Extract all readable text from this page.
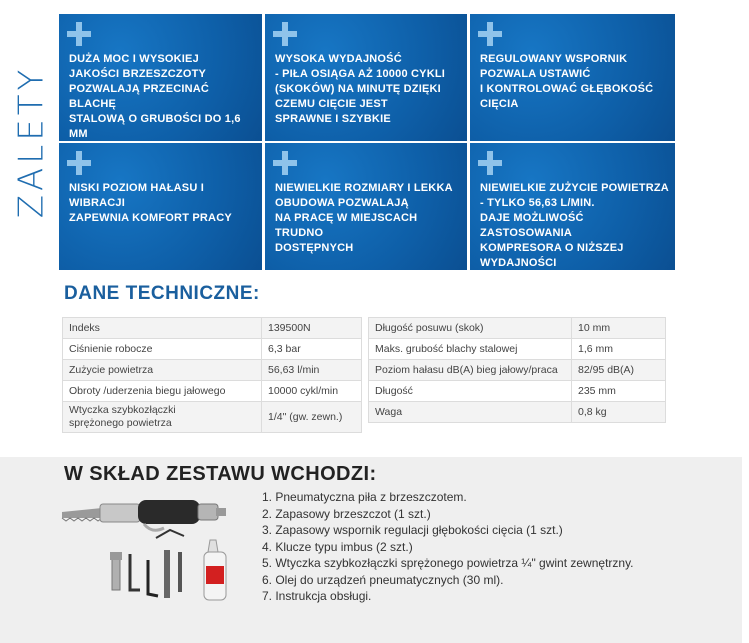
ZALETY
DUŻA MOC I WYSOKIEJ
JAKOŚCI BRZESZCZOTY
POZWALAJĄ PRZECINAĆ BLACHĘ
STALOWĄ O GRUBOŚCI DO 1,6 MM
WYSOKA WYDAJNOŚĆ
- PIŁA OSIĄGA AŻ 10000 CYKLI
(SKOKÓW) NA MINUTĘ DZIĘKI
CZEMU CIĘCIE JEST
SPRAWNE I SZYBKIE
REGULOWANY WSPORNIK
POZWALA USTAWIĆ
I KONTROLOWAĆ GŁĘBOKOŚĆ
CIĘCIA
NISKI POZIOM HAŁASU I WIBRACJI
ZAPEWNIA KOMFORT PRACY
NIEWIELKIE ROZMIARY I LEKKA
OBUDOWA POZWALAJĄ
NA PRACĘ W MIEJSCACH TRUDNO
DOSTĘPNYCH
NIEWIELKIE ZUŻYCIE POWIETRZA
- TYLKO 56,63 L/MIN.
DAJE MOŻLIWOŚĆ ZASTOSOWANIA
KOMPRESORA O NIŻSZEJ
WYDAJNOŚCI
DANE TECHNICZNE:
Indeks	139500N
Ciśnienie robocze	6,3 bar
Zużycie powietrza	56,63 l/min
Obroty /uderzenia biegu jałowego	10000 cykl/min
Wtyczka szybkozłączki
sprężonego powietrza	1/4" (gw. zewn.)
Długość posuwu (skok)	10 mm
Maks. grubość blachy stalowej	1,6 mm
Poziom hałasu dB(A) bieg jałowy/praca	82/95 dB(A)
Długość	235 mm
Waga	0,8 kg
W SKŁAD ZESTAWU WCHODZI:
1. Pneumatyczna piła z brzeszczotem.
2. Zapasowy brzeszczot (1 szt.)
3. Zapasowy wspornik regulacji głębokości cięcia (1 szt.)
4. Klucze typu imbus (2 szt.)
5. Wtyczka szybkozłączki sprężonego powietrza ¼" gwint zewnętrzny.
6. Olej do urządzeń pneumatycznych (30 ml).
7. Instrukcja obsługi.
